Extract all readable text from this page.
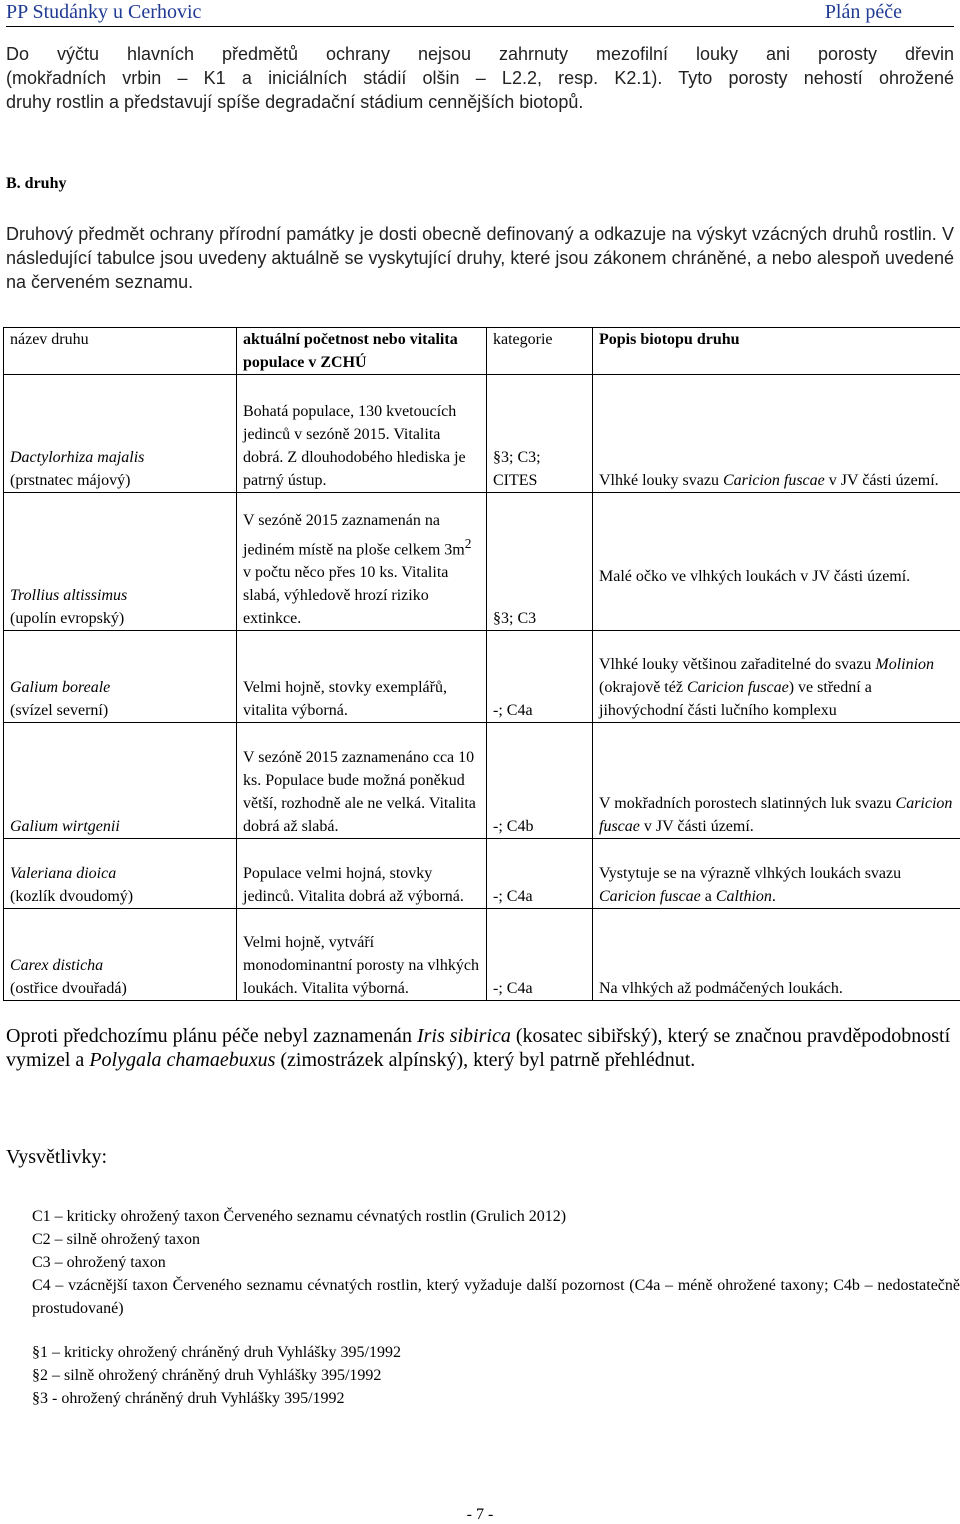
PP Studánky u Cerhovic	Plán péče
Do výčtu hlavních předmětů ochrany nejsou zahrnuty mezofilní louky ani porosty dřevin
(mokřadních vrbin – K1 a iniciálních stádií olšin – L2.2, resp. K2.1). Tyto porosty nehostí ohrožené
druhy rostlin a představují spíše degradační stádium cennějších biotopů.
B. druhy
Druhový předmět ochrany přírodní památky je dosti obecně definovaný a odkazuje na výskyt vzácných druhů rostlin. V následující tabulce jsou uvedeny aktuálně se vyskytující druhy, které jsou zákonem chráněné, a nebo alespoň uvedené na červeném seznamu.
název druhu	aktuální početnost nebo vitalita populace v ZCHÚ	kategorie	Popis biotopu druhu

Dactylorhiza majalis
(prstnatec májový)	Bohatá populace, 130 kvetoucích jedinců v sezóně 2015. Vitalita dobrá. Z dlouhodobého hlediska je patrný ústup.	§3; C3; CITES	Vlhké louky svazu Caricion fuscae v JV části území.

Trollius altissimus
(upolín evropský)	V sezóně 2015 zaznamenán na jediném místě na ploše celkem $3m^2$ v počtu něco přes 10 ks. Vitalita slabá, výhledově hrozí riziko extinkce.	§3; C3	Malé očko ve vlhkých loukách v JV části území.

Galium boreale
(svízel severní)	Velmi hojně, stovky exemplářů, vitalita výborná.	-; C4a	Vlhké louky většinou zařaditelné do svazu Molinion (okrajově též Caricion fuscae) ve střední a jihovýchodní části lučního komplexu

Galium wirtgenii	V sezóně 2015 zaznamenáno cca 10 ks. Populace bude možná poněkud větší, rozhodně ale ne velká. Vitalita dobrá až slabá.	-; C4b	V mokřadních porostech slatinných luk svazu Caricion fuscae v JV části území.

Valeriana dioica
(kozlík dvoudomý)	Populace velmi hojná, stovky jedinců. Vitalita dobrá až výborná.	-; C4a	Vystytuje se na výrazně vlhkých loukách svazu Caricion fuscae a Calthion.

Carex disticha
(ostřice dvouřadá)	Velmi hojně, vytváří monodominantní porosty na vlhkých loukách. Vitalita výborná.	-; C4a	Na vlhkých až podmáčených loukách.
Oproti předchozímu plánu péče nebyl zaznamenán Iris sibirica (kosatec sibiřský), který se značnou pravděpodobností vymizel a Polygala chamaebuxus (zimostrázek alpínský), který byl patrně přehlédnut.
Vysvětlivky:
C1 – kriticky ohrožený taxon Červeného seznamu cévnatých rostlin (Grulich 2012)
C2 – silně ohrožený taxon
C3 – ohrožený taxon
C4 – vzácnější taxon Červeného seznamu cévnatých rostlin, který vyžaduje další pozornost (C4a – méně ohrožené taxony; C4b – nedostatečně prostudované)
§1 – kriticky ohrožený chráněný druh Vyhlášky 395/1992
§2 – silně ohrožený chráněný druh Vyhlášky 395/1992
§3 - ohrožený chráněný druh Vyhlášky 395/1992
- 7 -
